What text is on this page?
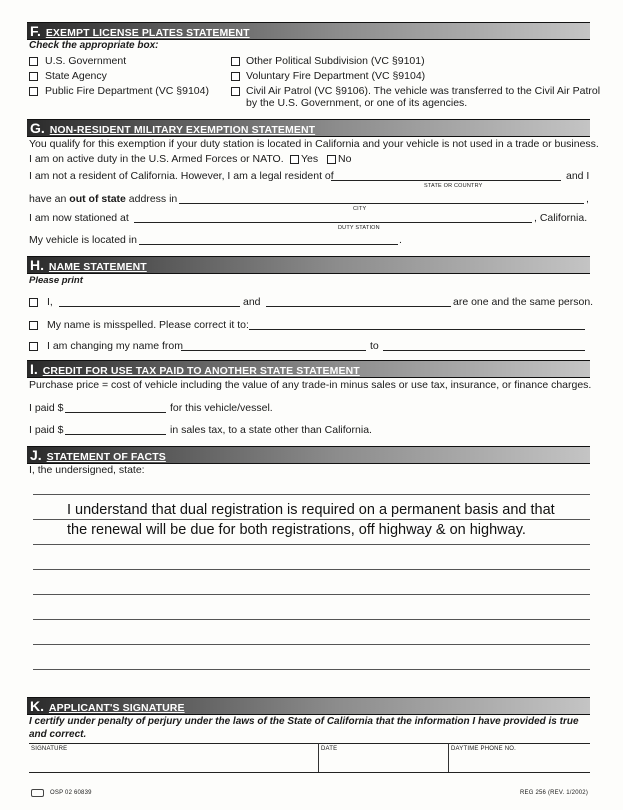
F. EXEMPT LICENSE PLATES STATEMENT
Check the appropriate box:
U.S. Government
State Agency
Public Fire Department (VC §9104)
Other Political Subdivision (VC §9101)
Voluntary Fire Department (VC §9104)
Civil Air Patrol (VC §9106). The vehicle was transferred to the Civil Air Patrol
by the U.S. Government, or one of its agencies.
G. NON-RESIDENT MILITARY EXEMPTION STATEMENT
You qualify for this exemption if your duty station is located in California and your vehicle is not used in a trade or business.
I am on active duty in the U.S. Armed Forces or NATO. Yes No
I am not a resident of California. However, I am a legal resident of	and I
STATE OR COUNTRY
have an out of state address in	,
CITY
I am now stationed at	, California.
DUTY STATION
My vehicle is located in	.
H. NAME STATEMENT
Please print
I,	and	are one and the same person.
My name is misspelled. Please correct it to:
I am changing my name from	to
I. CREDIT FOR USE TAX PAID TO ANOTHER STATE STATEMENT
Purchase price = cost of vehicle including the value of any trade-in minus sales or use tax, insurance, or finance charges.
I paid $	for this vehicle/vessel.
I paid $	in sales tax, to a state other than California.
J. STATEMENT OF FACTS
I, the undersigned, state:
I understand that dual registration is required on a permanent basis and that
the renewal will be due for both registrations, off highway & on highway.
K. APPLICANT'S SIGNATURE
I certify under penalty of perjury under the laws of the State of California that the information I have provided is true
and correct.
SIGNATURE	DATE	DAYTIME PHONE NO.
OSP 02 60839	REG 256 (REV. 1/2002)
